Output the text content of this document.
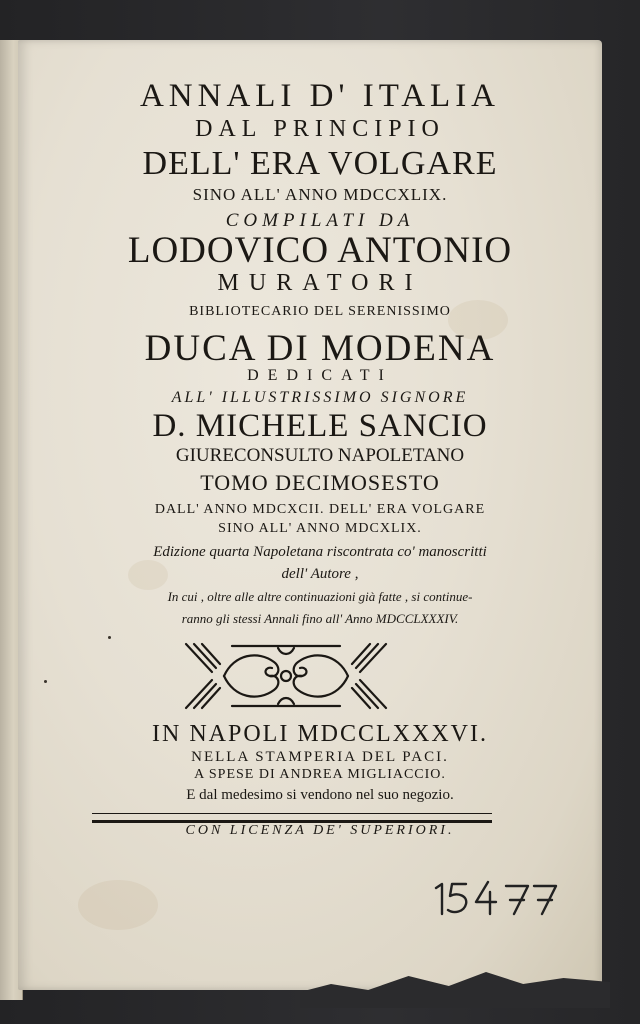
ANNALI D' ITALIA
DAL PRINCIPIO
DELL' ERA VOLGARE
SINO ALL' ANNO MDCCXLIX.
COMPILATI DA
LODOVICO ANTONIO
MURATORI
BIBLIOTECARIO DEL SERENISSIMO
DUCA DI MODENA
DEDICATI
ALL' ILLUSTRISSIMO SIGNORE
D. MICHELE SANCIO
GIURECONSULTO NAPOLETANO
TOMO DECIMOSESTO
DALL' ANNO MDCXCII. DELL' ERA VOLGARE
SINO ALL' ANNO MDCXLIX.
Edizione quarta Napoletana riscontrata co' manoscritti
dell' Autore ,
In cui , oltre alle altre continuazioni già fatte , si continue-
ranno gli stessi Annali fino all' Anno MDCCLXXXIV.
IN NAPOLI MDCCLXXXVI.
NELLA STAMPERIA DEL PACI.
A SPESE DI ANDREA MIGLIACCIO.
E dal medesimo si vendono nel suo negozio.
CON LICENZA DE' SUPERIORI.
